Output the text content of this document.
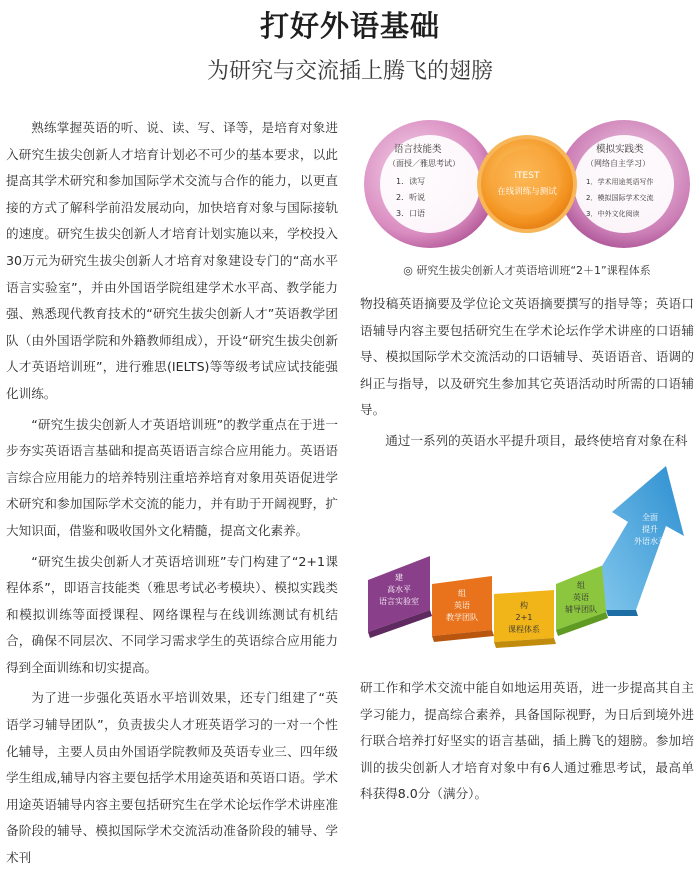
打好外语基础
为研究与交流插上腾飞的翅膀

熟练掌握英语的听、说、读、写、译等，是培育对象进入研究生拔尖创新人才培育计划必不可少的基本要求，以此提高其学术研究和参加国际学术交流与合作的能力，以更直接的方式了解科学前沿发展动向，加快培育对象与国际接轨的速度。研究生拔尖创新人才培育计划实施以来，学校投入30万元为研究生拔尖创新人才培育对象建设专门的“高水平语言实验室”，并由外国语学院组建学术水平高、教学能力强、熟悉现代教育技术的“研究生拔尖创新人才”英语教学团队（由外国语学院和外籍教师组成），开设“研究生拔尖创新人才英语培训班”，进行雅思(IELTS)等等级考试应试技能强化训练。

“研究生拔尖创新人才英语培训班”的教学重点在于进一步夯实英语语言基础和提高英语语言综合应用能力。英语语言综合应用能力的培养特别注重培养培育对象用英语促进学术研究和参加国际学术交流的能力，并有助于开阔视野，扩大知识面，借鉴和吸收国外文化精髓，提高文化素养。

“研究生拔尖创新人才英语培训班”专门构建了“2+1课程体系”，即语言技能类（雅思考试必考模块）、模拟实践类和模拟训练等面授课程、网络课程与在线训练测试有机结合，确保不同层次、不同学习需求学生的英语综合应用能力得到全面训练和切实提高。

为了进一步强化英语水平培训效果，还专门组建了“英语学习辅导团队”，负责拔尖人才班英语学习的一对一个性化辅导，主要人员由外国语学院教师及英语专业三、四年级学生组成,辅导内容主要包括学术用途英语和英语口语。学术用途英语辅导内容主要包括研究生在学术论坛作学术讲座准备阶段的辅导、模拟国际学术交流活动准备阶段的辅导、学术刊

语言技能类
（面授／雅思考试）
1．读写
2．听说
3．口语
iTEST
在线训练与测试
模拟实践类
（网络自主学习）
1．学术用途英语写作
2．模拟国际学术交流
3．中外文化阅读
◎ 研究生拔尖创新人才英语培训班“2＋1”课程体系

物投稿英语摘要及学位论文英语摘要撰写的指导等；英语口语辅导内容主要包括研究生在学术论坛作学术讲座的口语辅导、模拟国际学术交流活动的口语辅导、英语语音、语调的纠正与指导，以及研究生参加其它英语活动时所需的口语辅导。

通过一系列的英语水平提升项目，最终使培育对象在科

建
高水平
语言实验室
组
英语
教学团队
构
2+1
课程体系
组
英语
辅导团队
全面
提升
外语水平

研工作和学术交流中能自如地运用英语，进一步提高其自主学习能力，提高综合素养，具备国际视野，为日后到境外进行联合培养打好坚实的语言基础，插上腾飞的翅膀。参加培训的拔尖创新人才培育对象中有6人通过雅思考试，最高单科获得8.0分（满分）。
